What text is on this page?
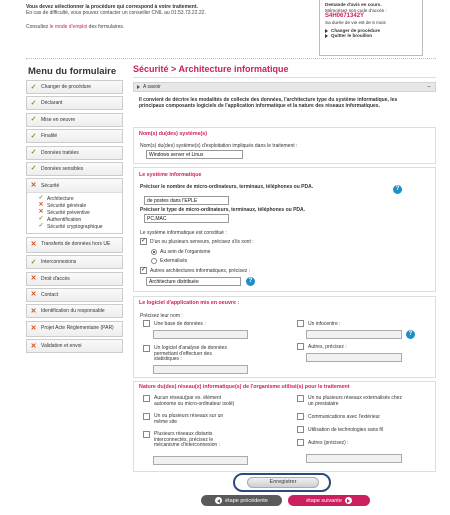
Vous devez sélectionner la procédure qui correspond à votre traitement.
En cas de difficulté, vous pouvez contacter un conseiller CNIL au 01.53.73.22.22.
Consultez le mode d'emploi des formulaires.
Demande d'avis en cours.
Mémorisez son code d'accès :
S4H0671342Y
Sa durée de vie est de 6 mois
Changer de procédure
Quitter le brouillon
Menu du formulaire
✓ Changer de procédure
✓ Déclarant
✓ Mise en oeuvre
✓ Finalité
✓ Données traitées
✓ Données sensibles
✕ Sécurité
✓ Architecture
✕ Sécurité générale
✕ Sécurité préventive
✓ Authentification
✓ Sécurité cryptographique
✕ Transferts de données hors UE
✓ Interconnexions
✕ Droit d'accès
✕ Contact
✕ Identification du responsable
✕ Projet Acte Réglementaire (PAR)
✕ Validation et envoi
Sécurité > Architecture informatique
A savoir	−
Il convient de décrire les modalités de collecte des données, l'architecture type du système informatique, les principaux composants logiciels de l'application informatique et la nature des réseaux informatiques.
Nom(s) du(des) système(s)
Nom(s) du(des) système(s) d'exploitation impliqués dans le traitement :
Windows server et Linux
Le système informatique
Préciser le nombre de micro-ordinateurs, terminaux, téléphones ou PDA.	?
de postes dans l'EPLE
Préciser le type de micro-ordinateurs, terminaux, téléphones ou PDA.
PC,MAC
Le système informatique est constitué :
✓ D'un ou plusieurs serveurs, précisez s'ils sont :
Au sein de l'organisme
Externalisés
✓ Autres architectures informatiques, précisez :
Architecture distribuée	?
Le logiciel d'application mis en oeuvre :
Précisez leur nom :
Une base de données :	Un infocentre :
?
Un logiciel d'analyse de données permettant d'effectuer des statistiques :
Autres, précisez :
Nature du(des) réseau(x) informatique(s) de l'organisme utilisé(s) pour le traitement
Aucun réseau(par ex. élément autonome ou micro-ordinateur isolé)
Un ou plusieurs réseaux sur un même site
Plusieurs réseaux distants interconnectés, précisez le mécanisme d'interconnexion :
Un ou plusieurs réseaux externalisés chez un prestataire
Communications avec l'extérieur
Utilisation de technologies sans fil
Autres (précisez) :
Enregistrer
étape précédente	étape suivante
